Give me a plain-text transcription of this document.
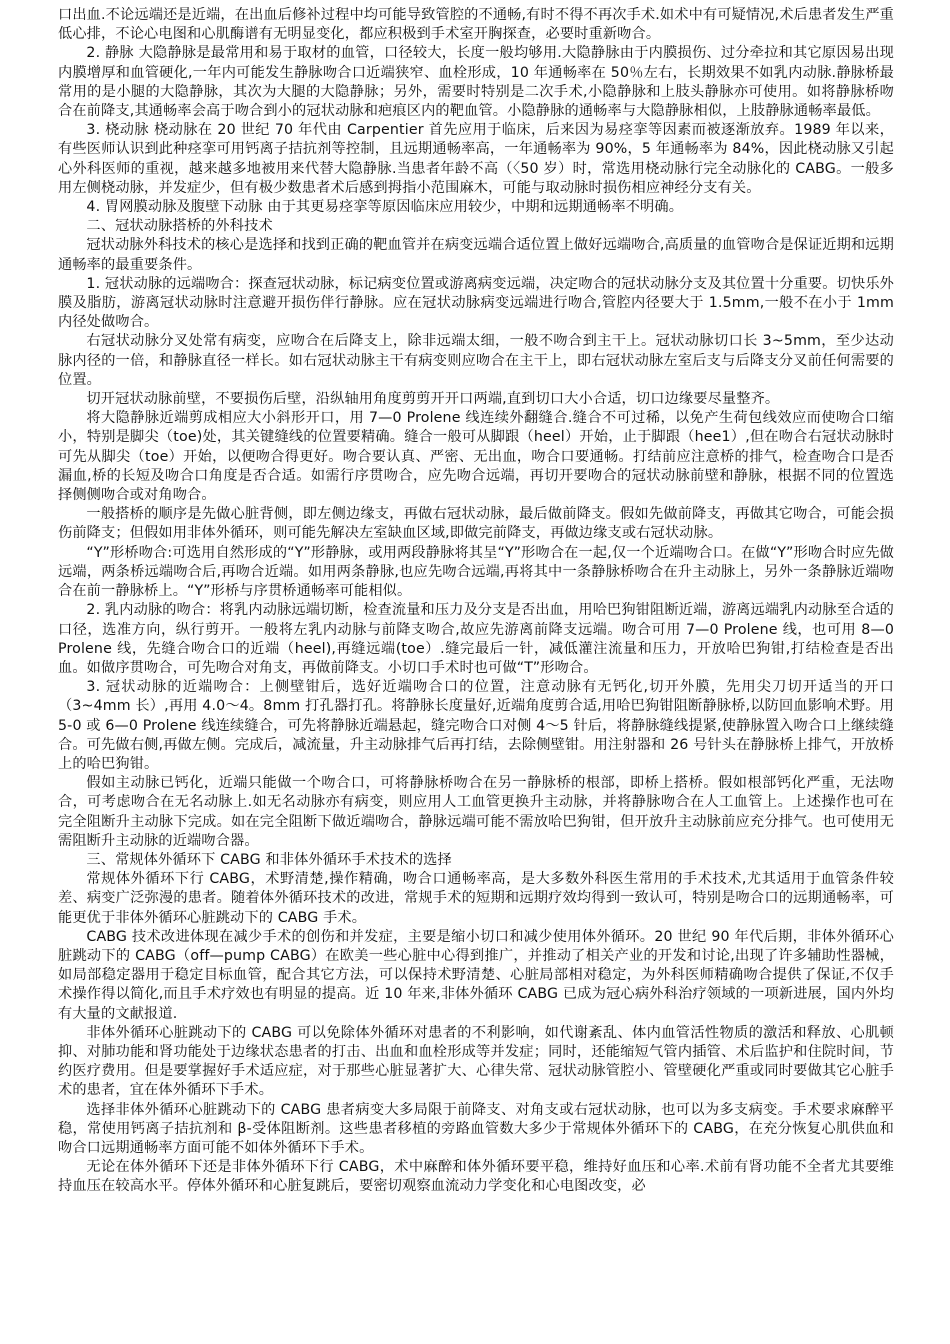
口出血.不论远端还是近端，在出血后修补过程中均可能导致管腔的不通畅,有时不得不再次手术.如术中有可疑情况,术后患者发生严重低心排，不论心电图和心肌酶谱有无明显变化，都应积极到手术室开胸探查，必要时重新吻合。

2. 静脉 大隐静脉是最常用和易于取材的血管，口径较大，长度一般均够用.大隐静脉由于内膜损伤、过分牵拉和其它原因易出现内膜增厚和血管硬化,一年内可能发生静脉吻合口近端狭窄、血栓形成，10 年通畅率在 50％左右，长期效果不如乳内动脉.静脉桥最常用的是小腿的大隐静脉，其次为大腿的大隐静脉；另外，需要时特别是二次手术,小隐静脉和上肢头静脉亦可使用。如将静脉桥吻合在前降支,其通畅率会高于吻合到小的冠状动脉和疤痕区内的靶血管。小隐静脉的通畅率与大隐静脉相似，上肢静脉通畅率最低。

3. 桡动脉 桡动脉在 20 世纪 70 年代由 Carpentier 首先应用于临床，后来因为易痉挛等因素而被逐渐放弃。1989 年以来，有些医师认识到此种痉挛可用钙离子拮抗剂等控制，且远期通畅率高，一年通畅率为 90%，5 年通畅率为 84%，因此桡动脉又引起心外科医师的重视，越来越多地被用来代替大隐静脉.当患者年龄不高（〈50 岁）时，常选用桡动脉行完全动脉化的 CABG。一般多用左侧桡动脉，并发症少，但有极少数患者术后感到拇指小范围麻木，可能与取动脉时损伤相应神经分支有关。

4. 胃网膜动脉及腹壁下动脉 由于其更易痉挛等原因临床应用较少，中期和远期通畅率不明确。

二、冠状动脉搭桥的外科技术

冠状动脉外科技术的核心是选择和找到正确的靶血管并在病变远端合适位置上做好远端吻合,高质量的血管吻合是保证近期和远期通畅率的最重要条件。

1. 冠状动脉的远端吻合：探查冠状动脉，标记病变位置或游离病变远端，决定吻合的冠状动脉分支及其位置十分重要。切快乐外膜及脂肪，游离冠状动脉时注意避开损伤伴行静脉。应在冠状动脉病变远端进行吻合,管腔内径要大于 1.5mm,一般不在小于 1mm 内径处做吻合。

右冠状动脉分叉处常有病变，应吻合在后降支上，除非远端太细，一般不吻合到主干上。冠状动脉切口长 3~5mm，至少达动脉内径的一倍，和静脉直径一样长。如右冠状动脉主干有病变则应吻合在主干上，即右冠状动脉左室后支与后降支分叉前任何需要的位置。

切开冠状动脉前壁，不要损伤后壁，沿纵轴用角度剪剪开开口两端,直到切口大小合适，切口边缘要尽量整齐。

将大隐静脉近端剪成相应大小斜形开口，用 7—0 Prolene 线连续外翻缝合.缝合不可过稀，以免产生荷包线效应而使吻合口缩小，特别是脚尖（toe)处，其关键缝线的位置要精确。缝合一般可从脚跟（heel）开始，止于脚跟（hee1）,但在吻合右冠状动脉时可先从脚尖（toe）开始，以便吻合得更好。吻合要认真、严密、无出血，吻合口要通畅。打结前应注意桥的排气，检查吻合口是否漏血,桥的长短及吻合口角度是否合适。如需行序贯吻合，应先吻合远端，再切开要吻合的冠状动脉前壁和静脉，根据不同的位置选择侧侧吻合或对角吻合。

一般搭桥的顺序是先做心脏背侧，即左侧边缘支，再做右冠状动脉，最后做前降支。假如先做前降支，再做其它吻合，可能会损伤前降支；但假如用非体外循环，则可能先解决左室缺血区域,即做完前降支，再做边缘支或右冠状动脉。

“Y”形桥吻合:可选用自然形成的“Y”形静脉，或用两段静脉将其呈“Y”形吻合在一起,仅一个近端吻合口。在做“Y”形吻合时应先做远端，两条桥远端吻合后,再吻合近端。如用两条静脉,也应先吻合远端,再将其中一条静脉桥吻合在升主动脉上，另外一条静脉近端吻合在前一静脉桥上。“Y”形桥与序贯桥通畅率可能相似。

2. 乳内动脉的吻合：将乳内动脉远端切断，检查流量和压力及分支是否出血，用哈巴狗钳阻断近端，游离远端乳内动脉至合适的口径，选准方向，纵行剪开。一般将左乳内动脉与前降支吻合,故应先游离前降支远端。吻合可用 7—0 Prolene 线，也可用 8—0 Prolene 线，先缝合吻合口的近端（heel),再缝远端(toe）.缝完最后一针，减低灌注流量和压力，开放哈巴狗钳,打结检查是否出血。如做序贯吻合，可先吻合对角支，再做前降支。小切口手术时也可做“T”形吻合。

3. 冠状动脉的近端吻合：上侧壁钳后，选好近端吻合口的位置，注意动脉有无钙化,切开外膜，先用尖刀切开适当的开口（3~4mm 长）,再用 4.0～4。8mm 打孔器打孔。将静脉长度量好,近端角度剪合适,用哈巴狗钳阻断静脉桥,以防回血影响术野。用 5-0 或 6—0 Prolene 线连续缝合，可先将静脉近端悬起，缝完吻合口对侧 4～5 针后，将静脉缝线提紧,使静脉置入吻合口上继续缝合。可先做右侧,再做左侧。完成后，减流量，升主动脉排气后再打结，去除侧壁钳。用注射器和 26 号针头在静脉桥上排气，开放桥上的哈巴狗钳。

假如主动脉已钙化，近端只能做一个吻合口，可将静脉桥吻合在另一静脉桥的根部，即桥上搭桥。假如根部钙化严重，无法吻合，可考虑吻合在无名动脉上.如无名动脉亦有病变，则应用人工血管更换升主动脉，并将静脉吻合在人工血管上。上述操作也可在完全阻断升主动脉下完成。如在完全阻断下做近端吻合，静脉远端可能不需放哈巴狗钳，但开放升主动脉前应充分排气。也可使用无需阻断升主动脉的近端吻合器。

三、常规体外循环下 CABG 和非体外循环手术技术的选择

常规体外循环下行 CABG，术野清楚,操作精确，吻合口通畅率高，是大多数外科医生常用的手术技术,尤其适用于血管条件较差、病变广泛弥漫的患者。随着体外循环技术的改进，常规手术的短期和远期疗效均得到一致认可，特别是吻合口的远期通畅率，可能更优于非体外循环心脏跳动下的 CABG 手术。

CABG 技术改进体现在减少手术的创伤和并发症，主要是缩小切口和减少使用体外循环。20 世纪 90 年代后期，非体外循环心脏跳动下的 CABG（off—pump CABG）在欧美一些心脏中心得到推广，并推动了相关产业的开发和讨论,出现了许多辅助性器械，如局部稳定器用于稳定目标血管，配合其它方法，可以保持术野清楚、心脏局部相对稳定，为外科医师精确吻合提供了保证,不仅手术操作得以简化,而且手术疗效也有明显的提高。近 10 年来,非体外循环 CABG 已成为冠心病外科治疗领域的一项新进展，国内外均有大量的文献报道.

非体外循环心脏跳动下的 CABG 可以免除体外循环对患者的不利影响，如代谢紊乱、体内血管活性物质的激活和释放、心肌顿抑、对肺功能和肾功能处于边缘状态患者的打击、出血和血栓形成等并发症；同时，还能缩短气管内插管、术后监护和住院时间，节约医疗费用。但是要掌握好手术适应症，对于那些心脏显著扩大、心律失常、冠状动脉管腔小、管壁硬化严重或同时要做其它心脏手术的患者，宜在体外循环下手术。

选择非体外循环心脏跳动下的 CABG 患者病变大多局限于前降支、对角支或右冠状动脉，也可以为多支病变。手术要求麻醉平稳，常使用钙离子拮抗剂和 β-受体阻断剂。这些患者移植的旁路血管数大多少于常规体外循环下的 CABG，在充分恢复心肌供血和吻合口远期通畅率方面可能不如体外循环下手术。

无论在体外循环下还是非体外循环下行 CABG，术中麻醉和体外循环要平稳，维持好血压和心率.术前有肾功能不全者尤其要维持血压在较高水平。停体外循环和心脏复跳后，要密切观察血流动力学变化和心电图改变，必
